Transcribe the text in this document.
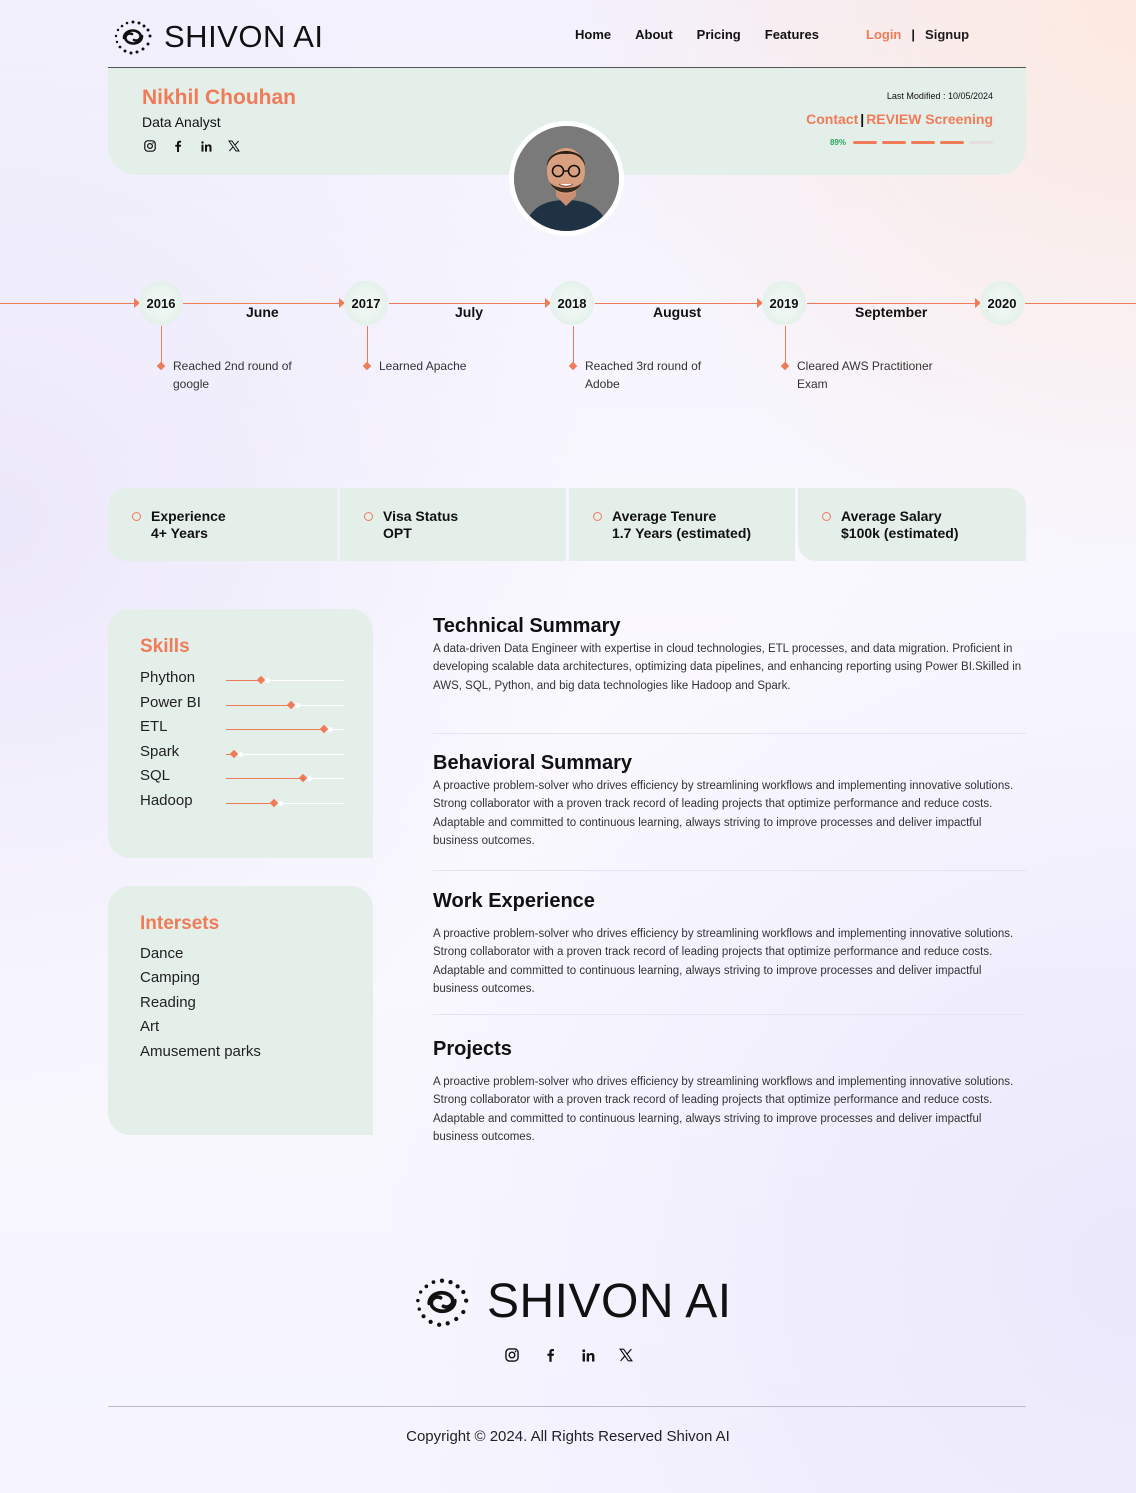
SHIVON AI	Home About Pricing Features	Login | Signup
Nikhil Chouhan
Data Analyst
Last Modified : 10/05/2024
Contact | REVIEW Screening
89%
2016	2017	2018	2019	2020
June	July	August	September
Reached 2nd round of google
Learned Apache	Reached 3rd round of Adobe
Cleared AWS Practitioner Exam
Experience
4+ Years
Visa Status
OPT
Average Tenure
1.7 Years (estimated)
Average Salary
$100k (estimated)
Skills
Phython
Power BI
ETL
Spark
SQL
Hadoop
Intersets
Dance
Camping
Reading
Art
Amusement parks
Technical Summary
A data-driven Data Engineer with expertise in cloud technologies, ETL processes, and data migration. Proficient in developing scalable data architectures, optimizing data pipelines, and enhancing reporting using Power BI.Skilled in AWS, SQL, Python, and big data technologies like Hadoop and Spark.
Behavioral Summary
A proactive problem-solver who drives efficiency by streamlining workflows and implementing innovative solutions. Strong collaborator with a proven track record of leading projects that optimize performance and reduce costs. Adaptable and committed to continuous learning, always striving to improve processes and deliver impactful business outcomes.
Work Experience
A proactive problem-solver who drives efficiency by streamlining workflows and implementing innovative solutions. Strong collaborator with a proven track record of leading projects that optimize performance and reduce costs. Adaptable and committed to continuous learning, always striving to improve processes and deliver impactful business outcomes.
Projects
A proactive problem-solver who drives efficiency by streamlining workflows and implementing innovative solutions. Strong collaborator with a proven track record of leading projects that optimize performance and reduce costs. Adaptable and committed to continuous learning, always striving to improve processes and deliver impactful business outcomes.
SHIVON AI
Copyright © 2024. All Rights Reserved Shivon AI
